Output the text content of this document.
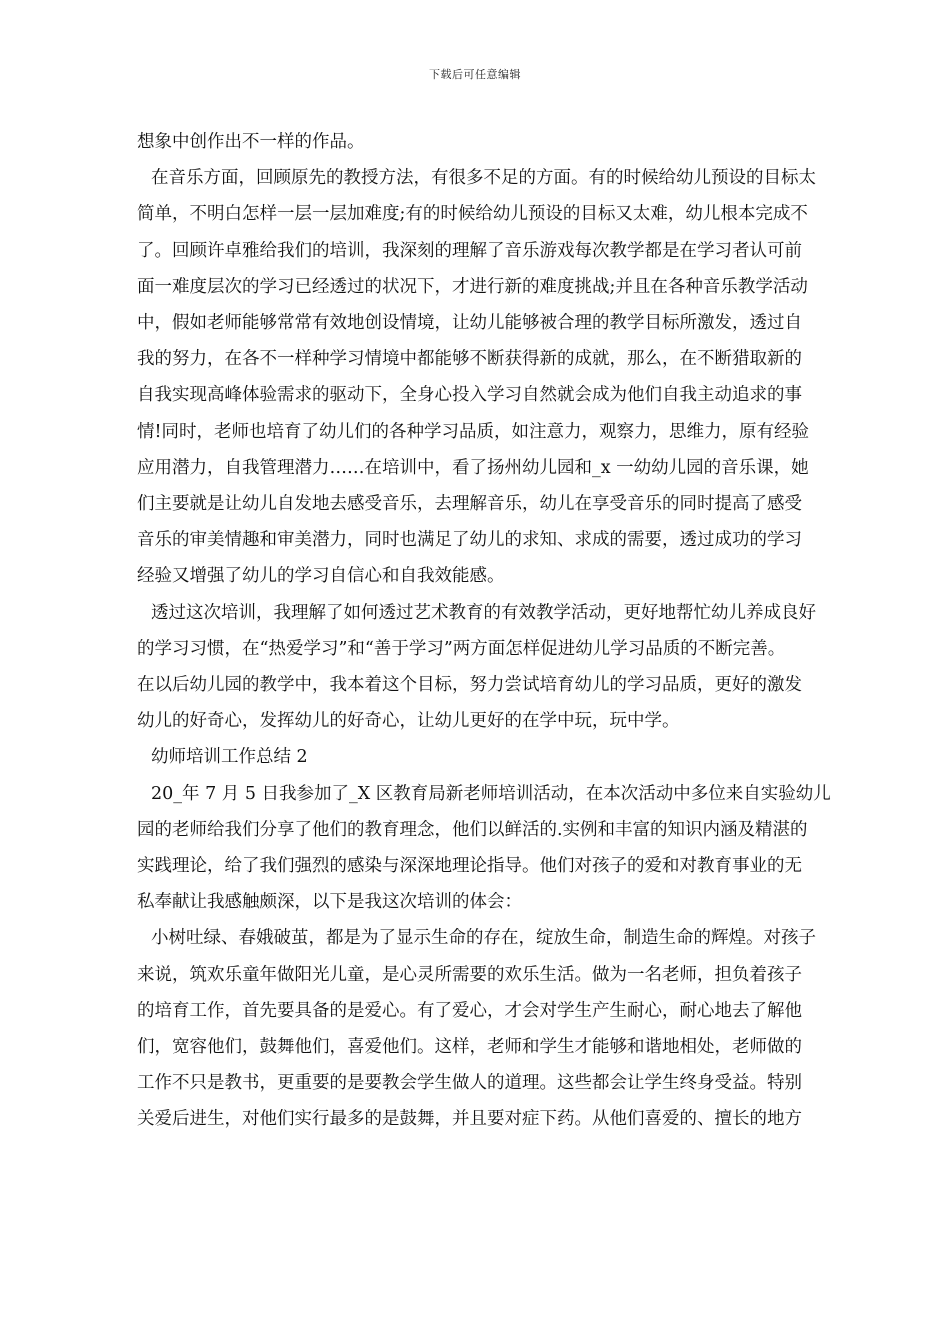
下载后可任意编辑
想象中创作出不一样的作品。
在音乐方面，回顾原先的教授方法，有很多不足的方面。有的时候给幼儿预设的目标太
简单，不明白怎样一层一层加难度;有的时候给幼儿预设的目标又太难，幼儿根本完成不
了。回顾许卓雅给我们的培训，我深刻的理解了音乐游戏每次教学都是在学习者认可前
面一难度层次的学习已经透过的状况下，才进行新的难度挑战;并且在各种音乐教学活动
中，假如老师能够常常有效地创设情境，让幼儿能够被合理的教学目标所激发，透过自
我的努力，在各不一样种学习情境中都能够不断获得新的成就，那么，在不断猎取新的
自我实现高峰体验需求的驱动下，全身心投入学习自然就会成为他们自我主动追求的事
情!同时，老师也培育了幼儿们的各种学习品质，如注意力，观察力，思维力，原有经验
应用潜力，自我管理潜力……在培训中，看了扬州幼儿园和_x 一幼幼儿园的音乐课，她
们主要就是让幼儿自发地去感受音乐，去理解音乐，幼儿在享受音乐的同时提高了感受
音乐的审美情趣和审美潜力，同时也满足了幼儿的求知、求成的需要，透过成功的学习
经验又增强了幼儿的学习自信心和自我效能感。
透过这次培训，我理解了如何透过艺术教育的有效教学活动，更好地帮忙幼儿养成良好
的学习习惯，在“热爱学习”和“善于学习”两方面怎样促进幼儿学习品质的不断完善。
在以后幼儿园的教学中，我本着这个目标，努力尝试培育幼儿的学习品质，更好的激发
幼儿的好奇心，发挥幼儿的好奇心，让幼儿更好的在学中玩，玩中学。
幼师培训工作总结 2
20_年 7 月 5 日我参加了_X 区教育局新老师培训活动，在本次活动中多位来自实验幼儿
园的老师给我们分享了他们的教育理念，他们以鲜活的.实例和丰富的知识内涵及精湛的
实践理论，给了我们强烈的感染与深深地理论指导。他们对孩子的爱和对教育事业的无
私奉献让我感触颇深，以下是我这次培训的体会：
小树吐绿、春娥破茧，都是为了显示生命的存在，绽放生命，制造生命的辉煌。对孩子
来说，筑欢乐童年做阳光儿童，是心灵所需要的欢乐生活。做为一名老师，担负着孩子
的培育工作，首先要具备的是爱心。有了爱心，才会对学生产生耐心，耐心地去了解他
们，宽容他们，鼓舞他们，喜爱他们。这样，老师和学生才能够和谐地相处，老师做的
工作不只是教书，更重要的是要教会学生做人的道理。这些都会让学生终身受益。特别
关爱后进生，对他们实行最多的是鼓舞，并且要对症下药。从他们喜爱的、擅长的地方
